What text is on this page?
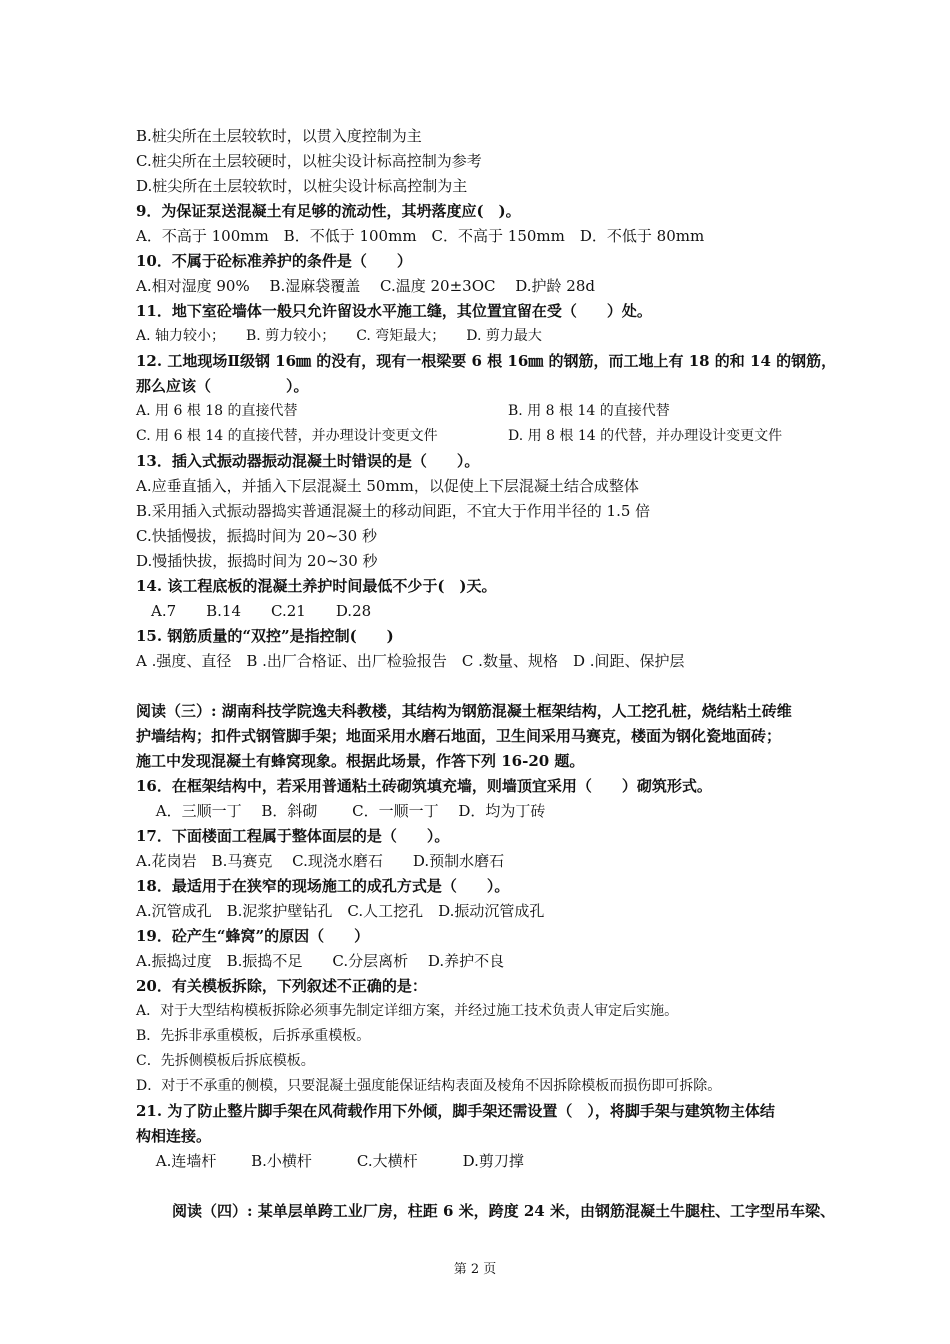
B.桩尖所在土层较软时，以贯入度控制为主
C.桩尖所在土层较硬时，以桩尖设计标高控制为参考
D.桩尖所在土层较软时，以桩尖设计标高控制为主
9．为保证泵送混凝土有足够的流动性，其坍落度应(　)。
A．不高于 100mm　B．不低于 100mm　C．不高于 150mm　D．不低于 80mm
10．不属于砼标准养护的条件是（　　）
A.相对湿度 90%　 B.湿麻袋覆盖　 C.温度 20±3OC　 D.护龄 28d
11．地下室砼墙体一般只允许留设水平施工缝，其位置宜留在受（　　）处。
A. 轴力较小；　　B. 剪力较小；　　C. 弯矩最大；　　D. 剪力最大
12. 工地现场Ⅱ级钢 16㎜ 的没有，现有一根梁要 6 根 16㎜ 的钢筋，而工地上有 18 的和 14 的钢筋，
那么应该（　　　　　）。
A. 用 6 根 18 的直接代替	B. 用 8 根 14 的直接代替
C. 用 6 根 14 的直接代替，并办理设计变更文件	D. 用 8 根 14 的代替，并办理设计变更文件
13．插入式振动器振动混凝土时错误的是（　　）。
A.应垂直插入，并插入下层混凝土 50mm，以促使上下层混凝土结合成整体
B.采用插入式振动器捣实普通混凝土的移动间距，不宜大于作用半径的 1.5 倍
C.快插慢拔，振捣时间为 20~30 秒
D.慢插快拔，振捣时间为 20~30 秒
14. 该工程底板的混凝土养护时间最低不少于(　)天。
　A.7　　B.14　　C.21　　D.28
15. 钢筋质量的“双控”是指控制(　　)
A .强度、直径　B .出厂合格证、出厂检验报告　C .数量、规格　D .间距、保护层
阅读（三）: 湖南科技学院逸夫科教楼，其结构为钢筋混凝土框架结构，人工挖孔桩，烧结粘土砖维
护墙结构；扣件式钢管脚手架；地面采用水磨石地面，卫生间采用马赛克，楼面为钢化瓷地面砖；
施工中发现混凝土有蜂窝现象。根据此场景，作答下列 16-20 题。
16．在框架结构中，若采用普通粘土砖砌筑填充墙，则墙顶宜采用（　　）砌筑形式。
　 A．三顺一丁　 B．斜砌　　 C．一顺一丁　 D．均为丁砖
17．下面楼面工程属于整体面层的是（　　）。
A.花岗岩　B.马赛克　 C.现浇水磨石　　D.预制水磨石
18．最适用于在狭窄的现场施工的成孔方式是（　　）。
A.沉管成孔　B.泥浆护壁钻孔　C.人工挖孔　D.振动沉管成孔
19．砼产生“蜂窝”的原因（　　）
A.振捣过度　B.振捣不足　　C.分层离析　 D.养护不良
20．有关模板拆除，下列叙述不正确的是：
A．对于大型结构模板拆除必须事先制定详细方案，并经过施工技术负责人审定后实施。
B．先拆非承重模板，后拆承重模板。
C．先拆侧模板后拆底模板。
D．对于不承重的侧模，只要混凝土强度能保证结构表面及棱角不因拆除模板而损伤即可拆除。
21. 为了防止整片脚手架在风荷载作用下外倾，脚手架还需设置（　），将脚手架与建筑物主体结
构相连接。
　 A.连墙杆　　 B.小横杆　　　C.大横杆　　　D.剪刀撑
阅读（四）: 某单层单跨工业厂房，柱距 6 米，跨度 24 米，由钢筋混凝土牛腿柱、工字型吊车梁、
第 2 页
